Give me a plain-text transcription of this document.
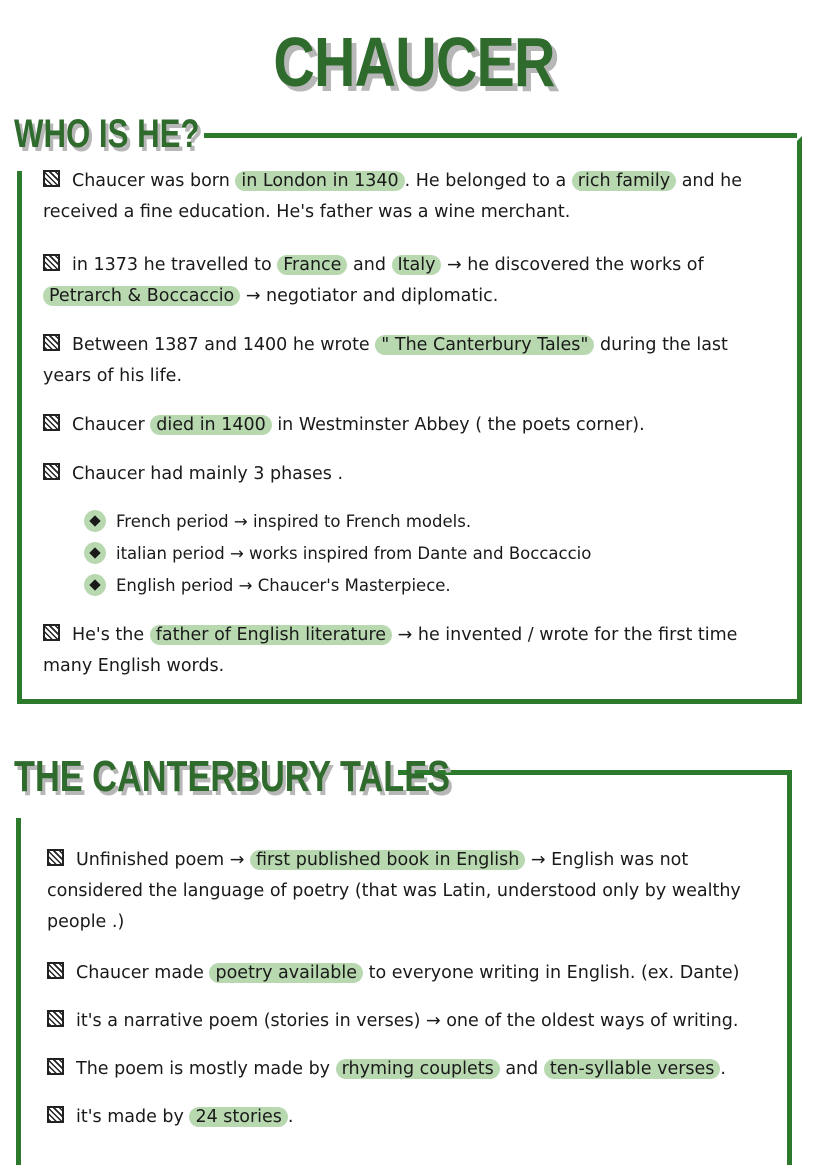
CHAUCER
WHO IS HE?
Chaucer was born in London in 1340 . He belonged to a rich family and he received a fine education. He's father was a wine merchant.
in 1373 he travelled to France and Italy → he discovered the works of Petrarch & Boccaccio → negotiator and diplomatic.
Between 1387 and 1400 he wrote " The Canterbury Tales" during the last years of his life.
Chaucer died in 1400 in Westminster Abbey ( the poets corner).
Chaucer had mainly 3 phases .
French period → inspired to French models.
italian period → works inspired from Dante and Boccaccio
English period → Chaucer's Masterpiece.
He's the father of English literature → he invented / wrote for the first time many English words.
THE CANTERBURY TALES
Unfinished poem → first published book in English → English was not considered the language of poetry (that was Latin, understood only by wealthy people .)
Chaucer made poetry available to everyone writing in English. (ex. Dante)
it's a narrative poem (stories in verses) → one of the oldest ways of writing.
The poem is mostly made by rhyming couplets and ten-syllable verses .
it's made by 24 stories .
